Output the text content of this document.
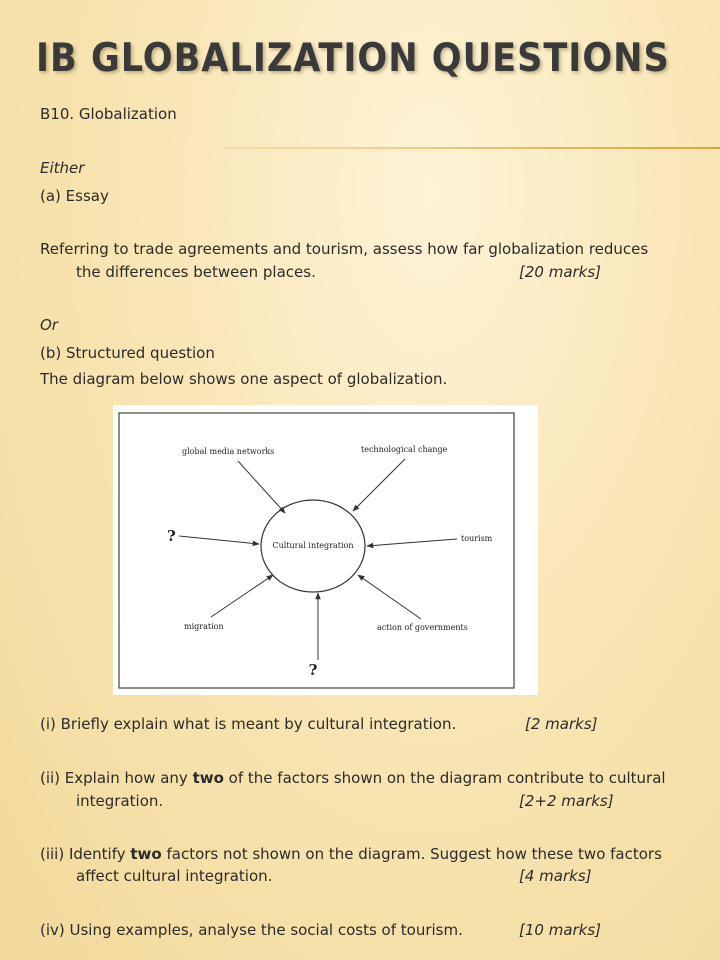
IB GLOBALIZATION QUESTIONS
B10. Globalization
Either
(a) Essay
Referring to trade agreements and tourism, assess how far globalization reduces
the differences between places.	[20 marks]
Or
(b) Structured question
The diagram below shows one aspect of globalization.
(i) Briefly explain what is meant by cultural integration.	[2 marks]
(ii) Explain how any two of the factors shown on the diagram contribute to cultural
integration.	[2+2 marks]
(iii) Identify two factors not shown on the diagram. Suggest how these two factors
affect cultural integration.	[4 marks]
(iv) Using examples, analyse the social costs of tourism.	[10 marks]
Cultural integration
global media networks	technological change
?	tourism
migration	action of governments
?
